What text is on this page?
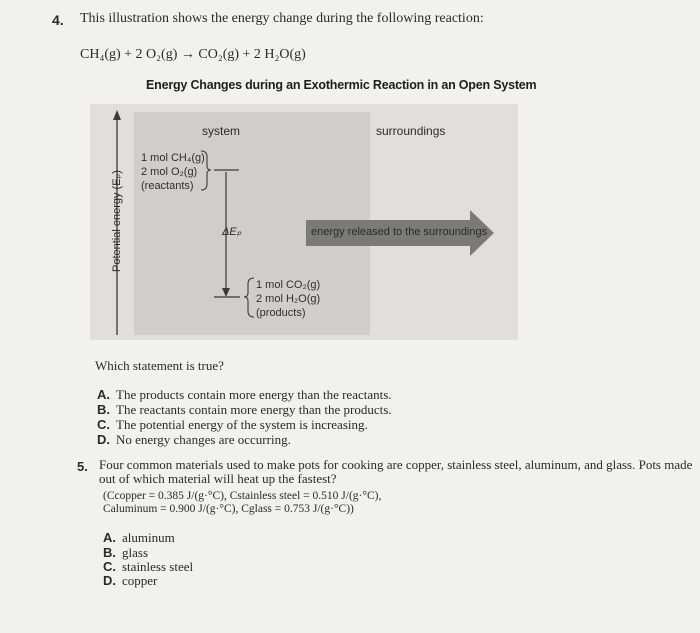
4. This illustration shows the energy change during the following reaction:
CH₄(g) + 2 O₂(g) → CO₂(g) + 2 H₂O(g)
Energy Changes during an Exothermic Reaction in an Open System
system	surroundings
Potential energy (Eₚ)
1 mol CH₄(g)
2 mol O₂(g)
(reactants)
1 mol CO₂(g)
2 mol H₂O(g)
(products)
ΔEₚ	energy released to the surroundings
Which statement is true?
A. The products contain more energy than the reactants.
B. The reactants contain more energy than the products.
C. The potential energy of the system is increasing.
D. No energy changes are occurring.
5. Four common materials used to make pots for cooking are copper, stainless steel, aluminum, and glass. Pots made out of which material will heat up the fastest?
(Ccopper = 0.385 J/(g·°C), Cstainless steel = 0.510 J/(g·°C),
Caluminum = 0.900 J/(g·°C), Cglass = 0.753 J/(g·°C))
A. aluminum
B. glass
C. stainless steel
D. copper
